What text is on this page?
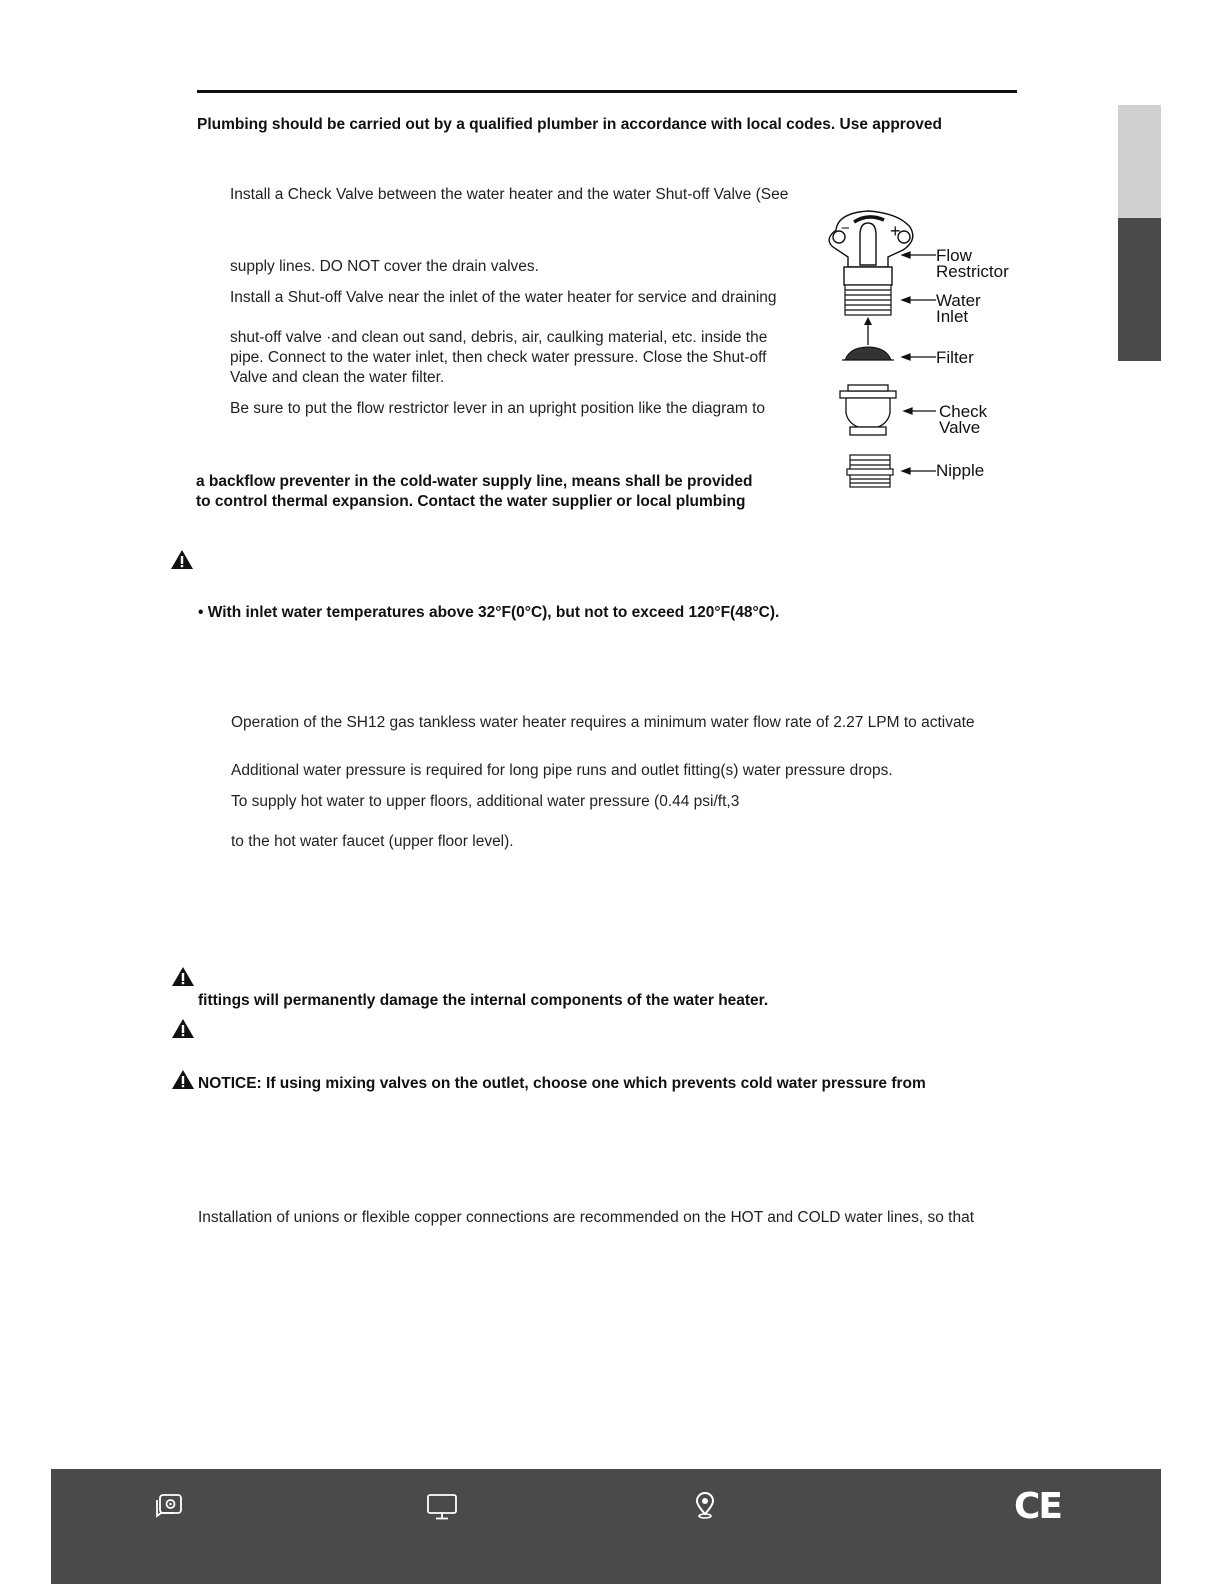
Plumbing should be carried out by a qualified plumber in accordance with local codes. Use approved
Install a Check Valve between the water heater and the water Shut-off Valve (See
supply lines. DO NOT cover the drain valves.
Install a Shut-off Valve near the inlet of the water heater for service and draining
shut-off valve ·and clean out sand, debris, air, caulking material, etc. inside the
pipe. Connect to the water inlet, then check water pressure. Close the Shut-off
Valve and clean the water filter.
Be sure to put the flow restrictor lever in an upright position like the diagram to
a backflow preventer in the cold-water supply line, means shall be provided
to control thermal expansion. Contact the water supplier or local plumbing
• With inlet water temperatures above 32°F(0°C), but not to exceed 120°F(48°C).
Operation of the SH12 gas tankless water heater requires a minimum water flow rate of 2.27 LPM to activate
Additional water pressure is required for long pipe runs and outlet fitting(s) water pressure drops.
To supply hot water to upper floors, additional water pressure (0.44 psi/ft,3
to the hot water faucet (upper floor level).
fittings will permanently damage the internal components of the water heater.
NOTICE: If using mixing valves on the outlet, choose one which prevents cold water pressure from
Installation of unions or flexible copper connections are recommended on the HOT and COLD water lines, so that
− +
Flow
Restrictor
Water
Inlet
Filter
Check
Valve
Nipple
CE
